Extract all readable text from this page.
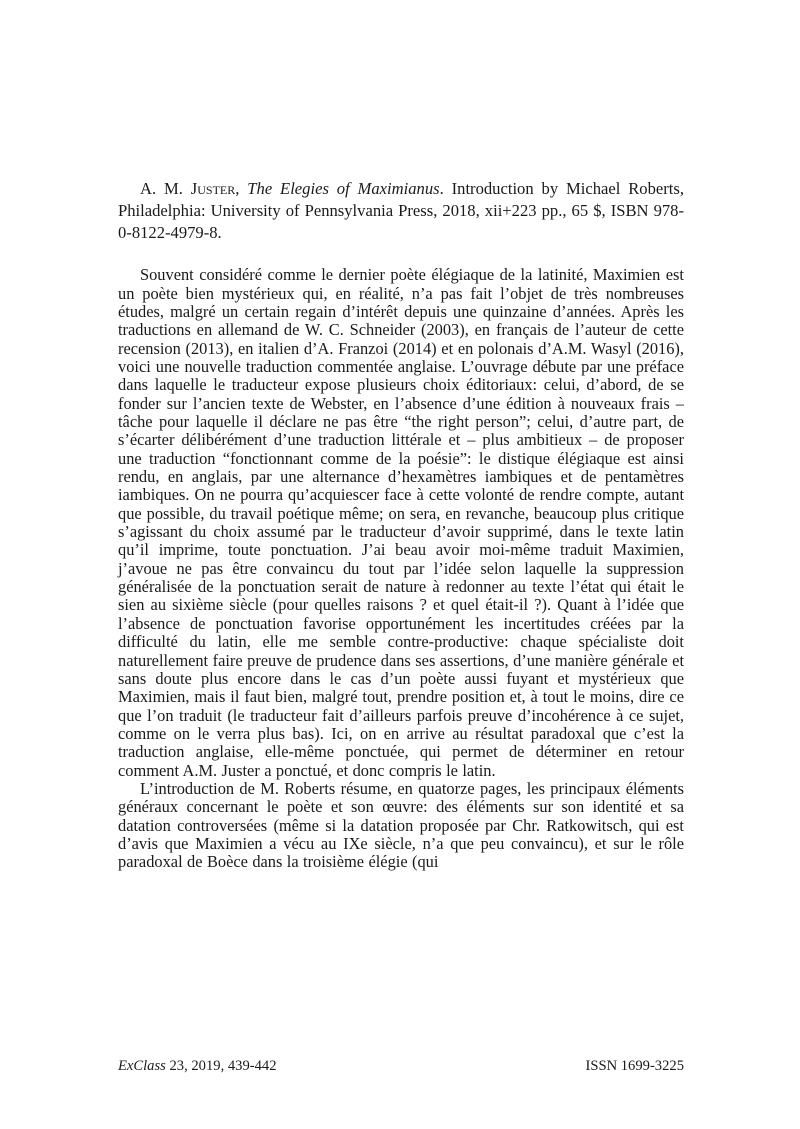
A. M. Juster, The Elegies of Maximianus. Introduction by Michael Roberts, Philadelphia: University of Pennsylvania Press, 2018, xii+223 pp., 65 $, ISBN 978-0-8122-4979-8.

Souvent considéré comme le dernier poète élégiaque de la latinité, Maximien est un poète bien mystérieux qui, en réalité, n’a pas fait l’objet de très nombreuses études, malgré un certain regain d’intérêt depuis une quinzaine d’années. Après les traductions en allemand de W. C. Schneider (2003), en français de l’auteur de cette recension (2013), en italien d’A. Franzoi (2014) et en polonais d’A.M. Wasyl (2016), voici une nouvelle traduction commentée anglaise. L’ouvrage débute par une préface dans laquelle le traducteur expose plusieurs choix éditoriaux: celui, d’abord, de se fonder sur l’ancien texte de Webster, en l’absence d’une édition à nouveaux frais – tâche pour laquelle il déclare ne pas être “the right person”; celui, d’autre part, de s’écarter délibérément d’une traduction littérale et – plus ambitieux – de proposer une traduction “fonctionnant comme de la poésie”: le distique élégiaque est ainsi rendu, en anglais, par une alternance d’hexamètres iambiques et de pentamètres iambiques. On ne pourra qu’acquiescer face à cette volonté de rendre compte, autant que possible, du travail poétique même; on sera, en revanche, beaucoup plus critique s’agissant du choix assumé par le traducteur d’avoir supprimé, dans le texte latin qu’il imprime, toute ponctuation. J’ai beau avoir moi-même traduit Maximien, j’avoue ne pas être convaincu du tout par l’idée selon laquelle la suppression généralisée de la ponctuation serait de nature à redonner au texte l’état qui était le sien au sixième siècle (pour quelles raisons ? et quel était-il ?). Quant à l’idée que l’absence de ponctuation favorise opportunément les incertitudes créées par la difficulté du latin, elle me semble contre-productive: chaque spécialiste doit naturellement faire preuve de prudence dans ses assertions, d’une manière générale et sans doute plus encore dans le cas d’un poète aussi fuyant et mystérieux que Maximien, mais il faut bien, malgré tout, prendre position et, à tout le moins, dire ce que l’on traduit (le traducteur fait d’ailleurs parfois preuve d’incohérence à ce sujet, comme on le verra plus bas). Ici, on en arrive au résultat paradoxal que c’est la traduction anglaise, elle-même ponctuée, qui permet de déterminer en retour comment A.M. Juster a ponctué, et donc compris le latin.

L’introduction de M. Roberts résume, en quatorze pages, les principaux éléments généraux concernant le poète et son œuvre: des éléments sur son identité et sa datation controversées (même si la datation proposée par Chr. Ratkowitsch, qui est d’avis que Maximien a vécu au IXe siècle, n’a que peu convaincu), et sur le rôle paradoxal de Boèce dans la troisième élégie (qui

ExClass 23, 2019, 439-442	ISSN 1699-3225
